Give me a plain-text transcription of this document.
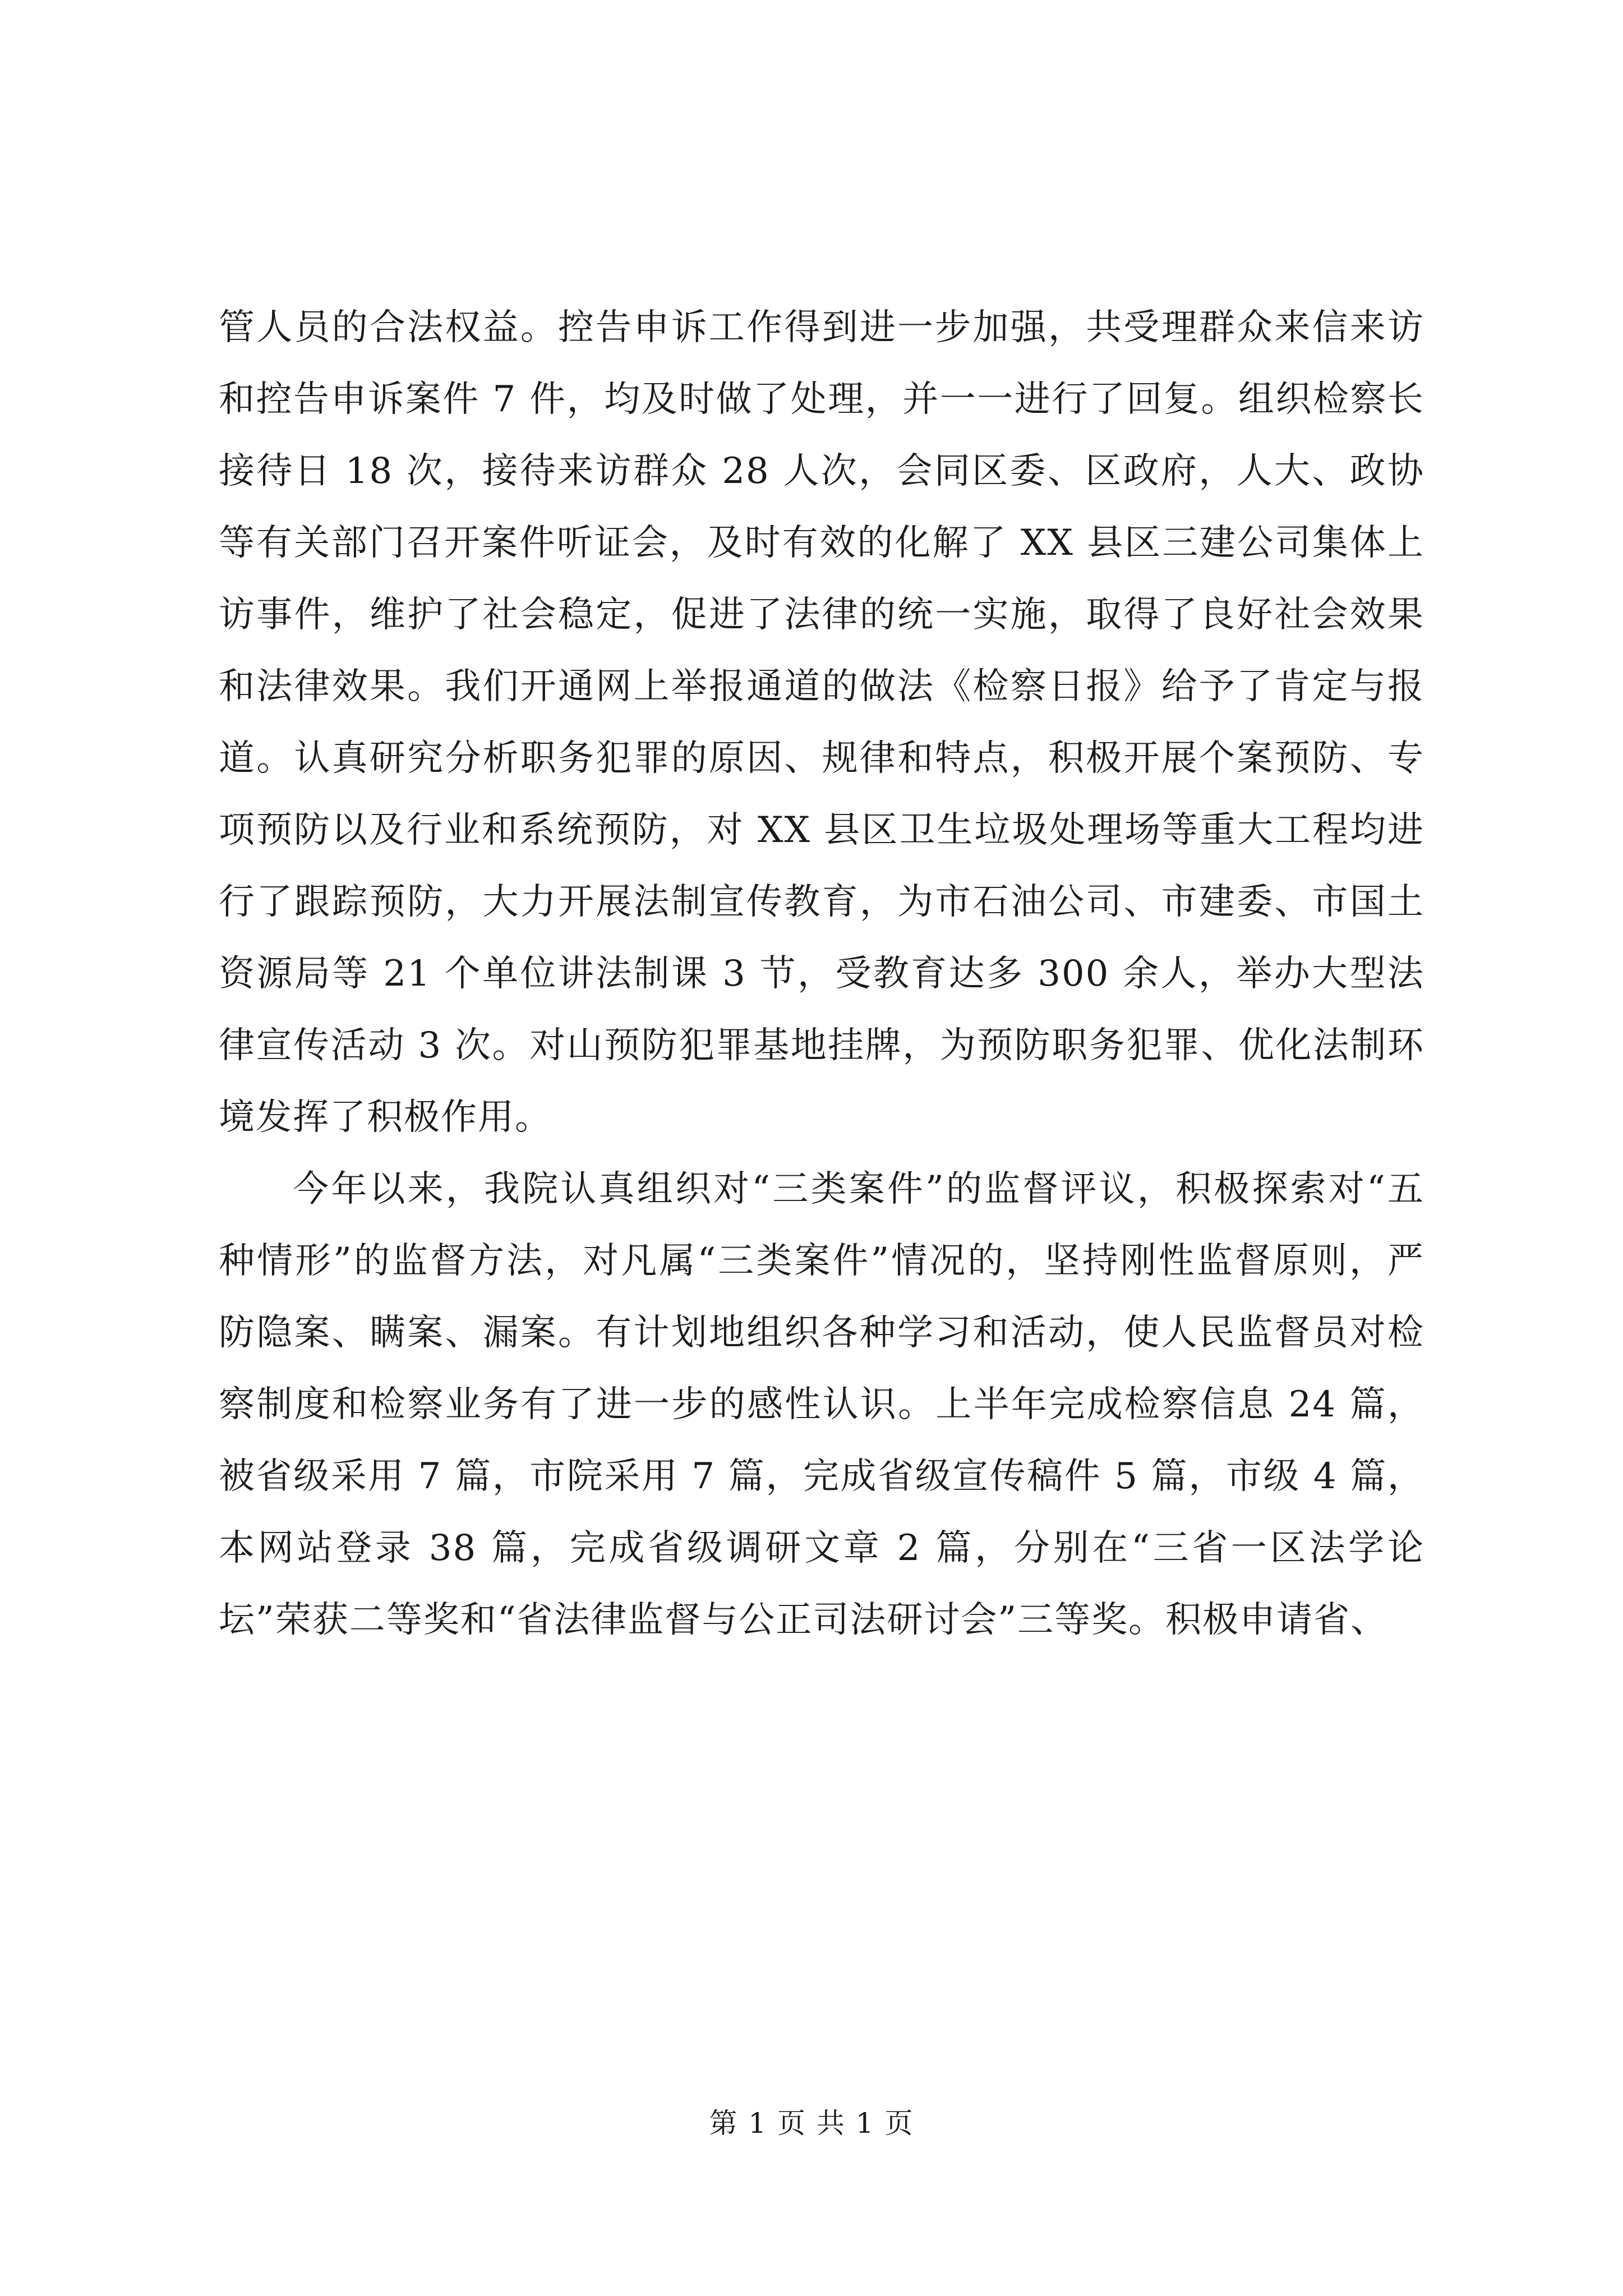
管人员的合法权益。控告申诉工作得到进一步加强，共受理群众来信来访和控告申诉案件 7 件，均及时做了处理，并一一进行了回复。组织检察长接待日 18 次，接待来访群众 28 人次，会同区委、区政府，人大、政协等有关部门召开案件听证会，及时有效的化解了 XX 县区三建公司集体上访事件，维护了社会稳定，促进了法律的统一实施，取得了良好社会效果和法律效果。我们开通网上举报通道的做法《检察日报》给予了肯定与报道。认真研究分析职务犯罪的原因、规律和特点，积极开展个案预防、专项预防以及行业和系统预防，对 XX 县区卫生垃圾处理场等重大工程均进行了跟踪预防，大力开展法制宣传教育，为市石油公司、市建委、市国土资源局等 21 个单位讲法制课 3 节，受教育达多 300 余人，举办大型法律宣传活动 3 次。对山预防犯罪基地挂牌，为预防职务犯罪、优化法制环境发挥了积极作用。

今年以来，我院认真组织对“三类案件”的监督评议，积极探索对“五种情形”的监督方法，对凡属“三类案件”情况的，坚持刚性监督原则，严防隐案、瞒案、漏案。有计划地组织各种学习和活动，使人民监督员对检察制度和检察业务有了进一步的感性认识。上半年完成检察信息 24 篇，被省级采用 7 篇，市院采用 7 篇，完成省级宣传稿件 5 篇，市级 4 篇，本网站登录 38 篇，完成省级调研文章 2 篇，分别在“三省一区法学论坛”荣获二等奖和“省法律监督与公正司法研讨会”三等奖。积极申请省、

第 1 页 共 1 页
